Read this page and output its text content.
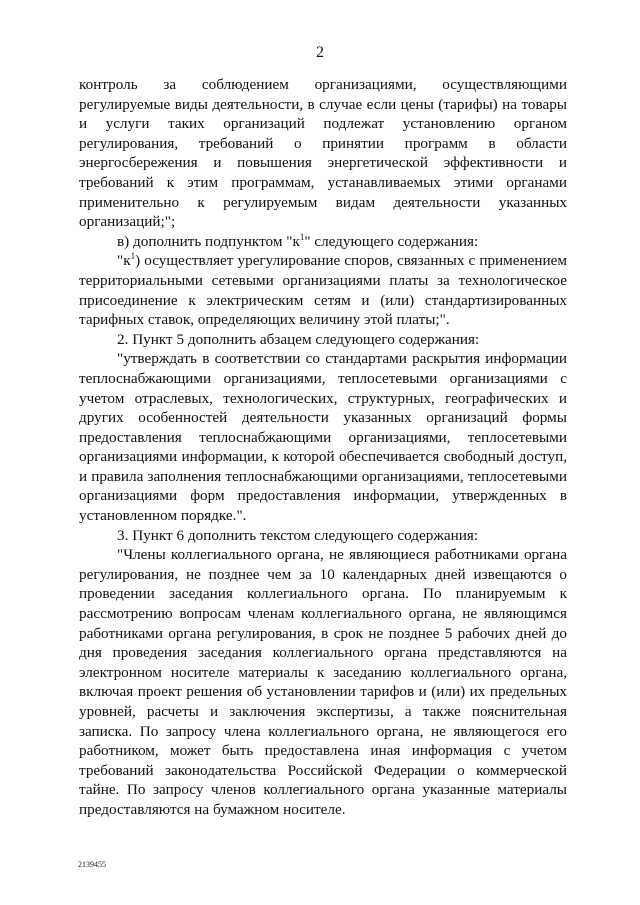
2

контроль за соблюдением организациями, осуществляющими регулируемые виды деятельности, в случае если цены (тарифы) на товары и услуги таких организаций подлежат установлению органом регулирования, требований о принятии программ в области энергосбережения и повышения энергетической эффективности и требований к этим программам, устанавливаемых этими органами применительно к регулируемым видам деятельности указанных организаций;";

в) дополнить подпунктом "$к^1$" следующего содержания:

"$к^1$) осуществляет урегулирование споров, связанных с применением территориальными сетевыми организациями платы за технологическое присоединение к электрическим сетям и (или) стандартизированных тарифных ставок, определяющих величину этой платы;".

2. Пункт 5 дополнить абзацем следующего содержания:

"утверждать в соответствии со стандартами раскрытия информации теплоснабжающими организациями, теплосетевыми организациями с учетом отраслевых, технологических, структурных, географических и других особенностей деятельности указанных организаций формы предоставления теплоснабжающими организациями, теплосетевыми организациями информации, к которой обеспечивается свободный доступ, и правила заполнения теплоснабжающими организациями, теплосетевыми организациями форм предоставления информации, утвержденных в установленном порядке.".

3. Пункт 6 дополнить текстом следующего содержания:

"Члены коллегиального органа, не являющиеся работниками органа регулирования, не позднее чем за 10 календарных дней извещаются о проведении заседания коллегиального органа. По планируемым к рассмотрению вопросам членам коллегиального органа, не являющимся работниками органа регулирования, в срок не позднее 5 рабочих дней до дня проведения заседания коллегиального органа представляются на электронном носителе материалы к заседанию коллегиального органа, включая проект решения об установлении тарифов и (или) их предельных уровней, расчеты и заключения экспертизы, а также пояснительная записка. По запросу члена коллегиального органа, не являющегося его работником, может быть предоставлена иная информация с учетом требований законодательства Российской Федерации о коммерческой тайне. По запросу членов коллегиального органа указанные материалы предоставляются на бумажном носителе.

2139455
